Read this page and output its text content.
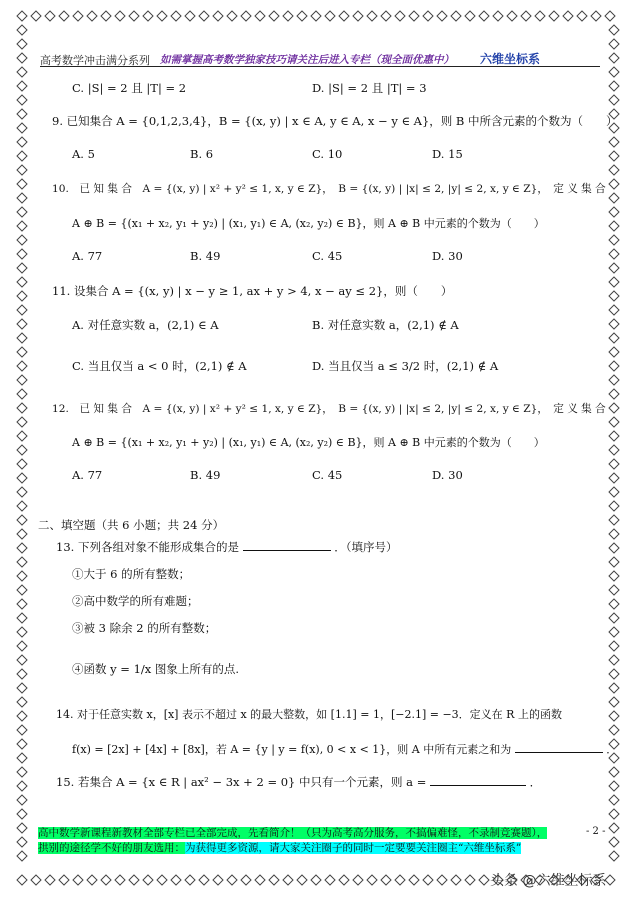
高考数学冲击满分系列 如需掌握高考数学独家技巧请关注后进入专栏（现全面优惠中） 六维坐标系
C. |S| = 2 且 |T| = 2	D. |S| = 2 且 |T| = 3
9. 已知集合 A = {0,1,2,3,4}，B = {(x, y) | x ∈ A, y ∈ A, x − y ∈ A}，则 B 中所含元素的个数为（　　）
A. 5	B. 6	C. 10	D. 15
10.　已 知 集 合　A = {(x, y) | x² + y² ≤ 1, x, y ∈ Z}，　B = {(x, y) | |x| ≤ 2, |y| ≤ 2, x, y ∈ Z}，　定 义 集 合
A ⊕ B = {(x₁ + x₂, y₁ + y₂) | (x₁, y₁) ∈ A, (x₂, y₂) ∈ B}，则 A ⊕ B 中元素的个数为（　　）
A. 77	B. 49	C. 45	D. 30
11. 设集合 A = {(x, y) | x − y ≥ 1, ax + y > 4, x − ay ≤ 2}，则（　　）
A. 对任意实数 a，(2,1) ∈ A	B. 对任意实数 a，(2,1) ∉ A
C. 当且仅当 a < 0 时，(2,1) ∉ A	D. 当且仅当 a ≤ 3/2 时，(2,1) ∉ A
12.　已 知 集 合　A = {(x, y) | x² + y² ≤ 1, x, y ∈ Z}，　B = {(x, y) | |x| ≤ 2, |y| ≤ 2, x, y ∈ Z}，　定 义 集 合
A ⊕ B = {(x₁ + x₂, y₁ + y₂) | (x₁, y₁) ∈ A, (x₂, y₂) ∈ B}，则 A ⊕ B 中元素的个数为（　　）
A. 77	B. 49	C. 45	D. 30
二、填空题（共 6 小题；共 24 分）
13. 下列各组对象不能形成集合的是	．（填序号）
①大于 6 的所有整数；
②高中数学的所有难题；
③被 3 除余 2 的所有整数；
④函数 y = 1/x 图象上所有的点.
14. 对于任意实数 x，[x] 表示不超过 x 的最大整数，如 [1.1] = 1，[−2.1] = −3．定义在 R 上的函数
f(x) = [2x] + [4x] + [8x]，若 A = {y | y = f(x), 0 < x < 1}，则 A 中所有元素之和为	．
15. 若集合 A = {x ∈ R | ax² − 3x + 2 = 0} 中只有一个元素，则 a =	．
高中数学新课程新教材全部专栏已全部完成，先看简介！（只为高考高分服务，不搞偏难怪，不录制竞赛题），
拱别的途径学不好的朋友选用：为获得更多资源，请大家关注圈子的同时一定要要关注圈主“六维坐标系”
- 2 -
头条 @六维坐标系
